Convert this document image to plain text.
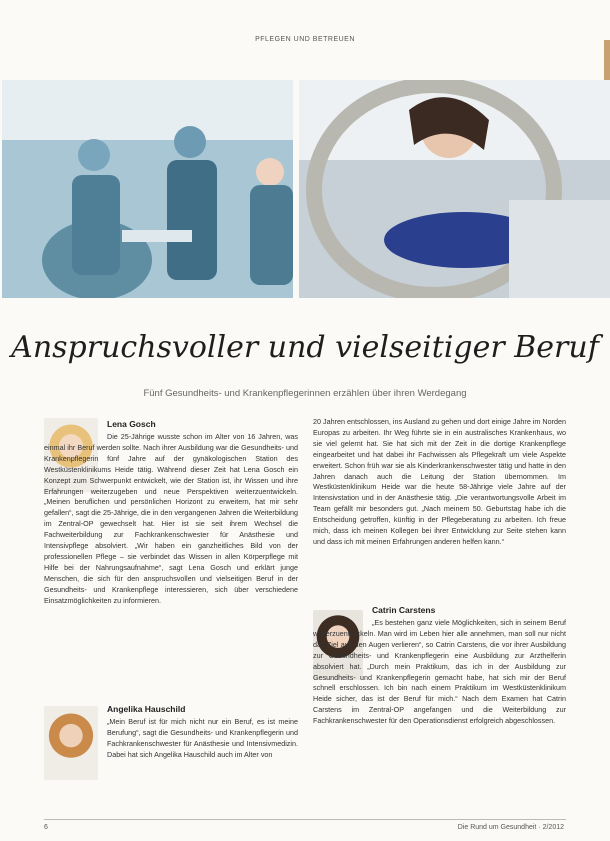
PFLEGEN UND BETREUEN
Anspruchsvoller und vielseitiger Beruf
Fünf Gesundheits- und Krankenpflegerinnen erzählen über ihren Werdegang
Lena Gosch

Die 25-Jährige wusste schon im Alter von 16 Jahren, was einmal ihr Beruf werden sollte. Nach ihrer Ausbildung war die Gesundheits- und Krankenpflegerin fünf Jahre auf der gynäkologischen Station des Westküstenklinikums Heide tätig. Während dieser Zeit hat Lena Gosch ein Konzept zum Schwerpunkt entwickelt, wie der Station ist, ihr Wissen und ihre Erfahrungen weiterzugeben und neue Perspektiven weiterzuentwickeln. „Meinen beruflichen und persönlichen Horizont zu erweitern, hat mir sehr gefallen“, sagt die 25-Jährige, die in den vergangenen Jahren die Weiterbildung im Zentral-OP gewechselt hat. Hier ist sie seit ihrem Wechsel die Fachweiterbildung zur Fachkrankenschwester für Anästhesie und Intensivpflege absolviert. „Wir haben ein ganzheitliches Bild von der professionellen Pflege – sie verbindet das Wissen in allen Körperpflege mit Hilfe bei der Nahrungsaufnahme“, sagt Lena Gosch und erklärt junge Menschen, die sich für den anspruchsvollen und vielseitigen Beruf in der Gesundheits- und Krankenpflege interessieren, sich über verschiedene Einsatzmöglichkeiten zu informieren.

Angelika Hauschild

„Mein Beruf ist für mich nicht nur ein Beruf, es ist meine Berufung“, sagt die Gesundheits- und Krankenpflegerin und Fachkrankenschwester für Anästhesie und Intensivmedizin. Dabei hat sich Angelika Hauschild auch im Alter von

20 Jahren entschlossen, ins Ausland zu gehen und dort einige Jahre im Norden Europas zu arbeiten. Ihr Weg führte sie in ein australisches Krankenhaus, wo sie viel gelernt hat. Sie hat sich mit der Zeit in die dortige Krankenpflege eingearbeitet und hat dabei ihr Fachwissen als Pflegekraft um viele Aspekte erweitert. Schon früh war sie als Kinderkrankenschwester tätig und hatte in den Jahren danach auch die Leitung der Station übernommen. Im Westküstenklinikum Heide war die heute 58-Jährige viele Jahre auf der Intensivstation und in der Anästhesie tätig. „Die verantwortungsvolle Arbeit im Team gefällt mir besonders gut. „Nach meinem 50. Geburtstag habe ich die Entscheidung getroffen, künftig in der Pflegeberatung zu arbeiten. Ich freue mich, dass ich meinen Kollegen bei ihrer Entwicklung zur Seite stehen kann und dass ich mit meinen Erfahrungen anderen helfen kann.“

Catrin Carstens

„Es bestehen ganz viele Möglichkeiten, sich in seinem Beruf weiterzuentwickeln. Man wird im Leben hier alle annehmen, man soll nur nicht das Ziel aus den Augen verlieren“, so Catrin Carstens, die vor ihrer Ausbildung zur Gesundheits- und Krankenpflegerin eine Ausbildung zur Arzthelferin absolviert hat. „Durch mein Praktikum, das ich in der Ausbildung zur Gesundheits- und Krankenpflegerin gemacht habe, hat sich mir der Beruf schnell erschlossen. Ich bin nach einem Praktikum im Westküstenklinikum Heide sicher, das ist der Beruf für mich.“ Nach dem Examen hat Catrin Carstens im Zentral-OP angefangen und die Weiterbildung zur Fachkrankenschwester für den Operationsdienst erfolgreich abgeschlossen.

6	Die Rund um Gesundheit · 2/2012
